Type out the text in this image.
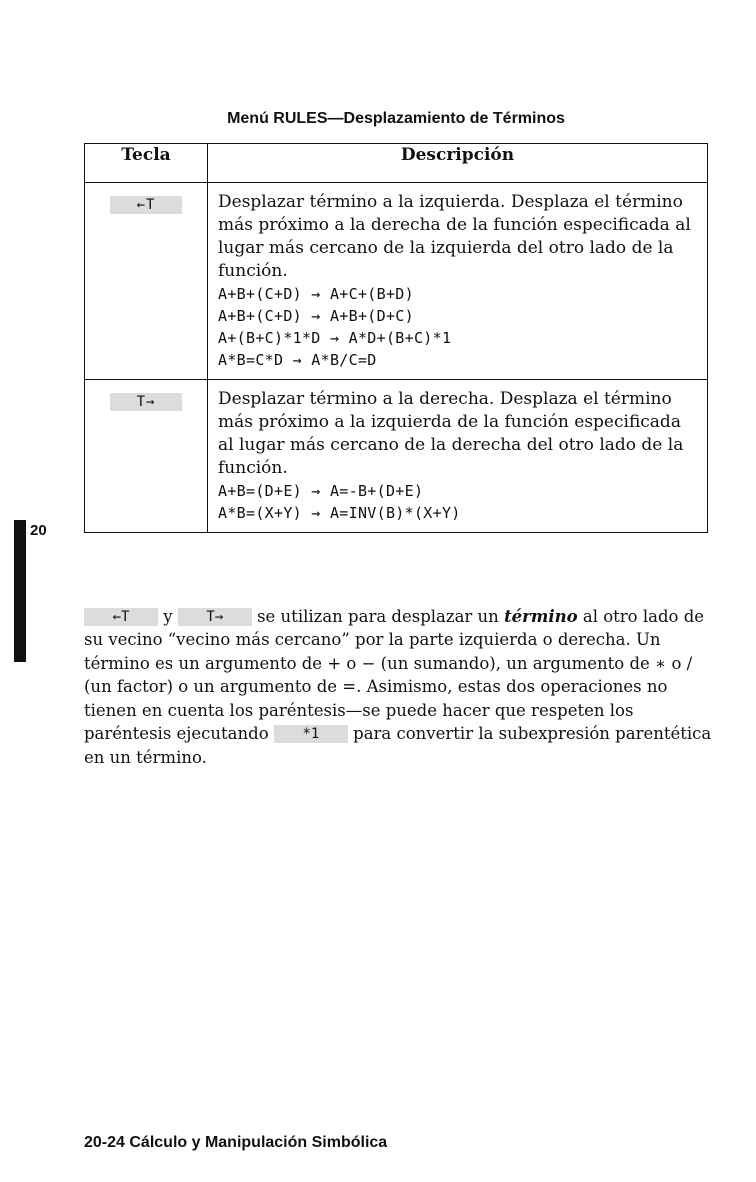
Menú RULES—Desplazamiento de Términos
Tecla	Descripción
←T	Desplazar término a la izquierda. Desplaza el término más próximo a la derecha de la función especificada al lugar más cercano de la izquierda del otro lado de la función.
A+B+(C+D) → A+C+(B+D)
A+B+(C+D) → A+B+(D+C)
A+(B+C)*1*D → A*D+(B+C)*1
A*B=C*D → A*B/C=D

T→	Desplazar término a la derecha. Desplaza el término más próximo a la izquierda de la función especificada al lugar más cercano de la derecha del otro lado de la función.
A+B=(D+E) → A=-B+(D+E)
A*B=(X+Y) → A=INV(B)*(X+Y)
20

←T y T→ se utilizan para desplazar un término al otro lado de su vecino “vecino más cercano” por la parte izquierda o derecha. Un término es un argumento de + o − (un sumando), un argumento de ∗ o / (un factor) o un argumento de =. Asimismo, estas dos operaciones no tienen en cuenta los paréntesis—se puede hacer que respeten los paréntesis ejecutando *1 para convertir la subexpresión parentética en un término.

20-24 Cálculo y Manipulación Simbólica
